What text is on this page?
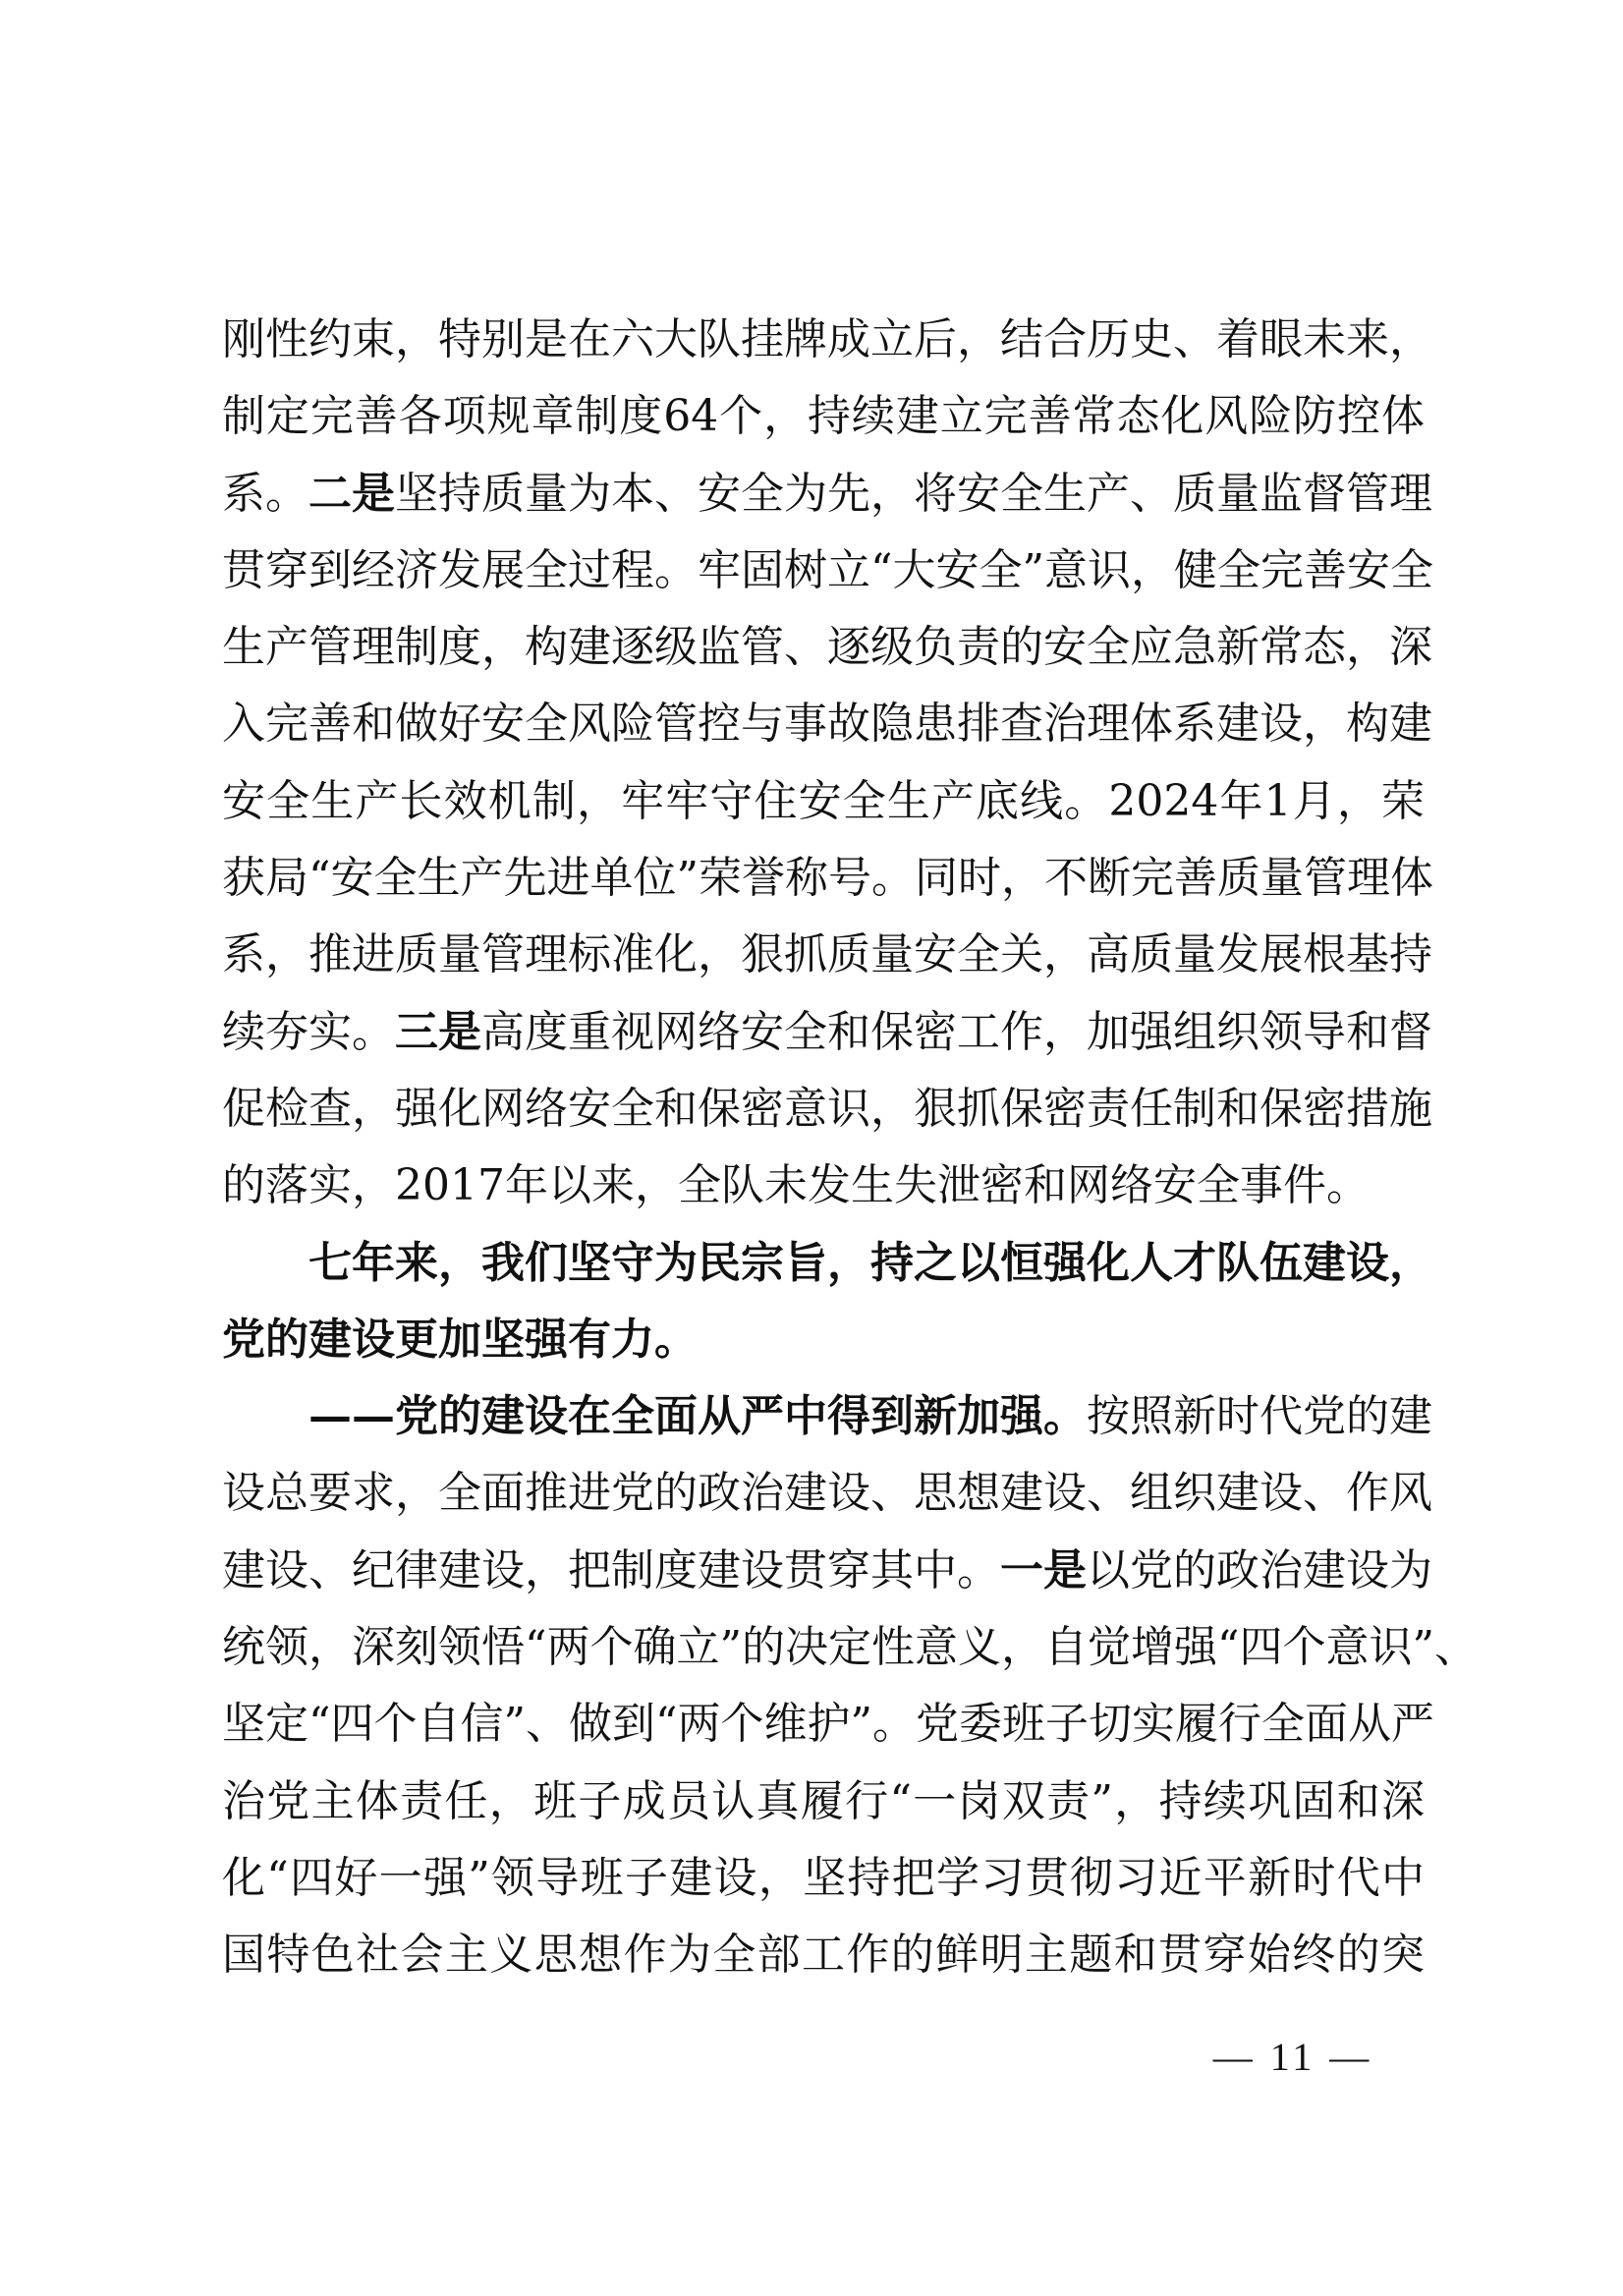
刚性约束，特别是在六大队挂牌成立后，结合历史、着眼未来，
制定完善各项规章制度64个，持续建立完善常态化风险防控体
系。二是坚持质量为本、安全为先，将安全生产、质量监督管理
贯穿到经济发展全过程。牢固树立“大安全”意识，健全完善安全
生产管理制度，构建逐级监管、逐级负责的安全应急新常态，深
入完善和做好安全风险管控与事故隐患排查治理体系建设，构建
安全生产长效机制，牢牢守住安全生产底线。2024年1月，荣
获局“安全生产先进单位”荣誉称号。同时，不断完善质量管理体
系，推进质量管理标准化，狠抓质量安全关，高质量发展根基持
续夯实。三是高度重视网络安全和保密工作，加强组织领导和督
促检查，强化网络安全和保密意识，狠抓保密责任制和保密措施
的落实，2017年以来，全队未发生失泄密和网络安全事件。
七年来，我们坚守为民宗旨，持之以恒强化人才队伍建设，
党的建设更加坚强有力。
——党的建设在全面从严中得到新加强。按照新时代党的建
设总要求，全面推进党的政治建设、思想建设、组织建设、作风
建设、纪律建设，把制度建设贯穿其中。一是以党的政治建设为
统领，深刻领悟“两个确立”的决定性意义，自觉增强“四个意识”、
坚定“四个自信”、做到“两个维护”。党委班子切实履行全面从严
治党主体责任，班子成员认真履行“一岗双责”，持续巩固和深
化“四好一强”领导班子建设，坚持把学习贯彻习近平新时代中
国特色社会主义思想作为全部工作的鲜明主题和贯穿始终的突
— 11 —
